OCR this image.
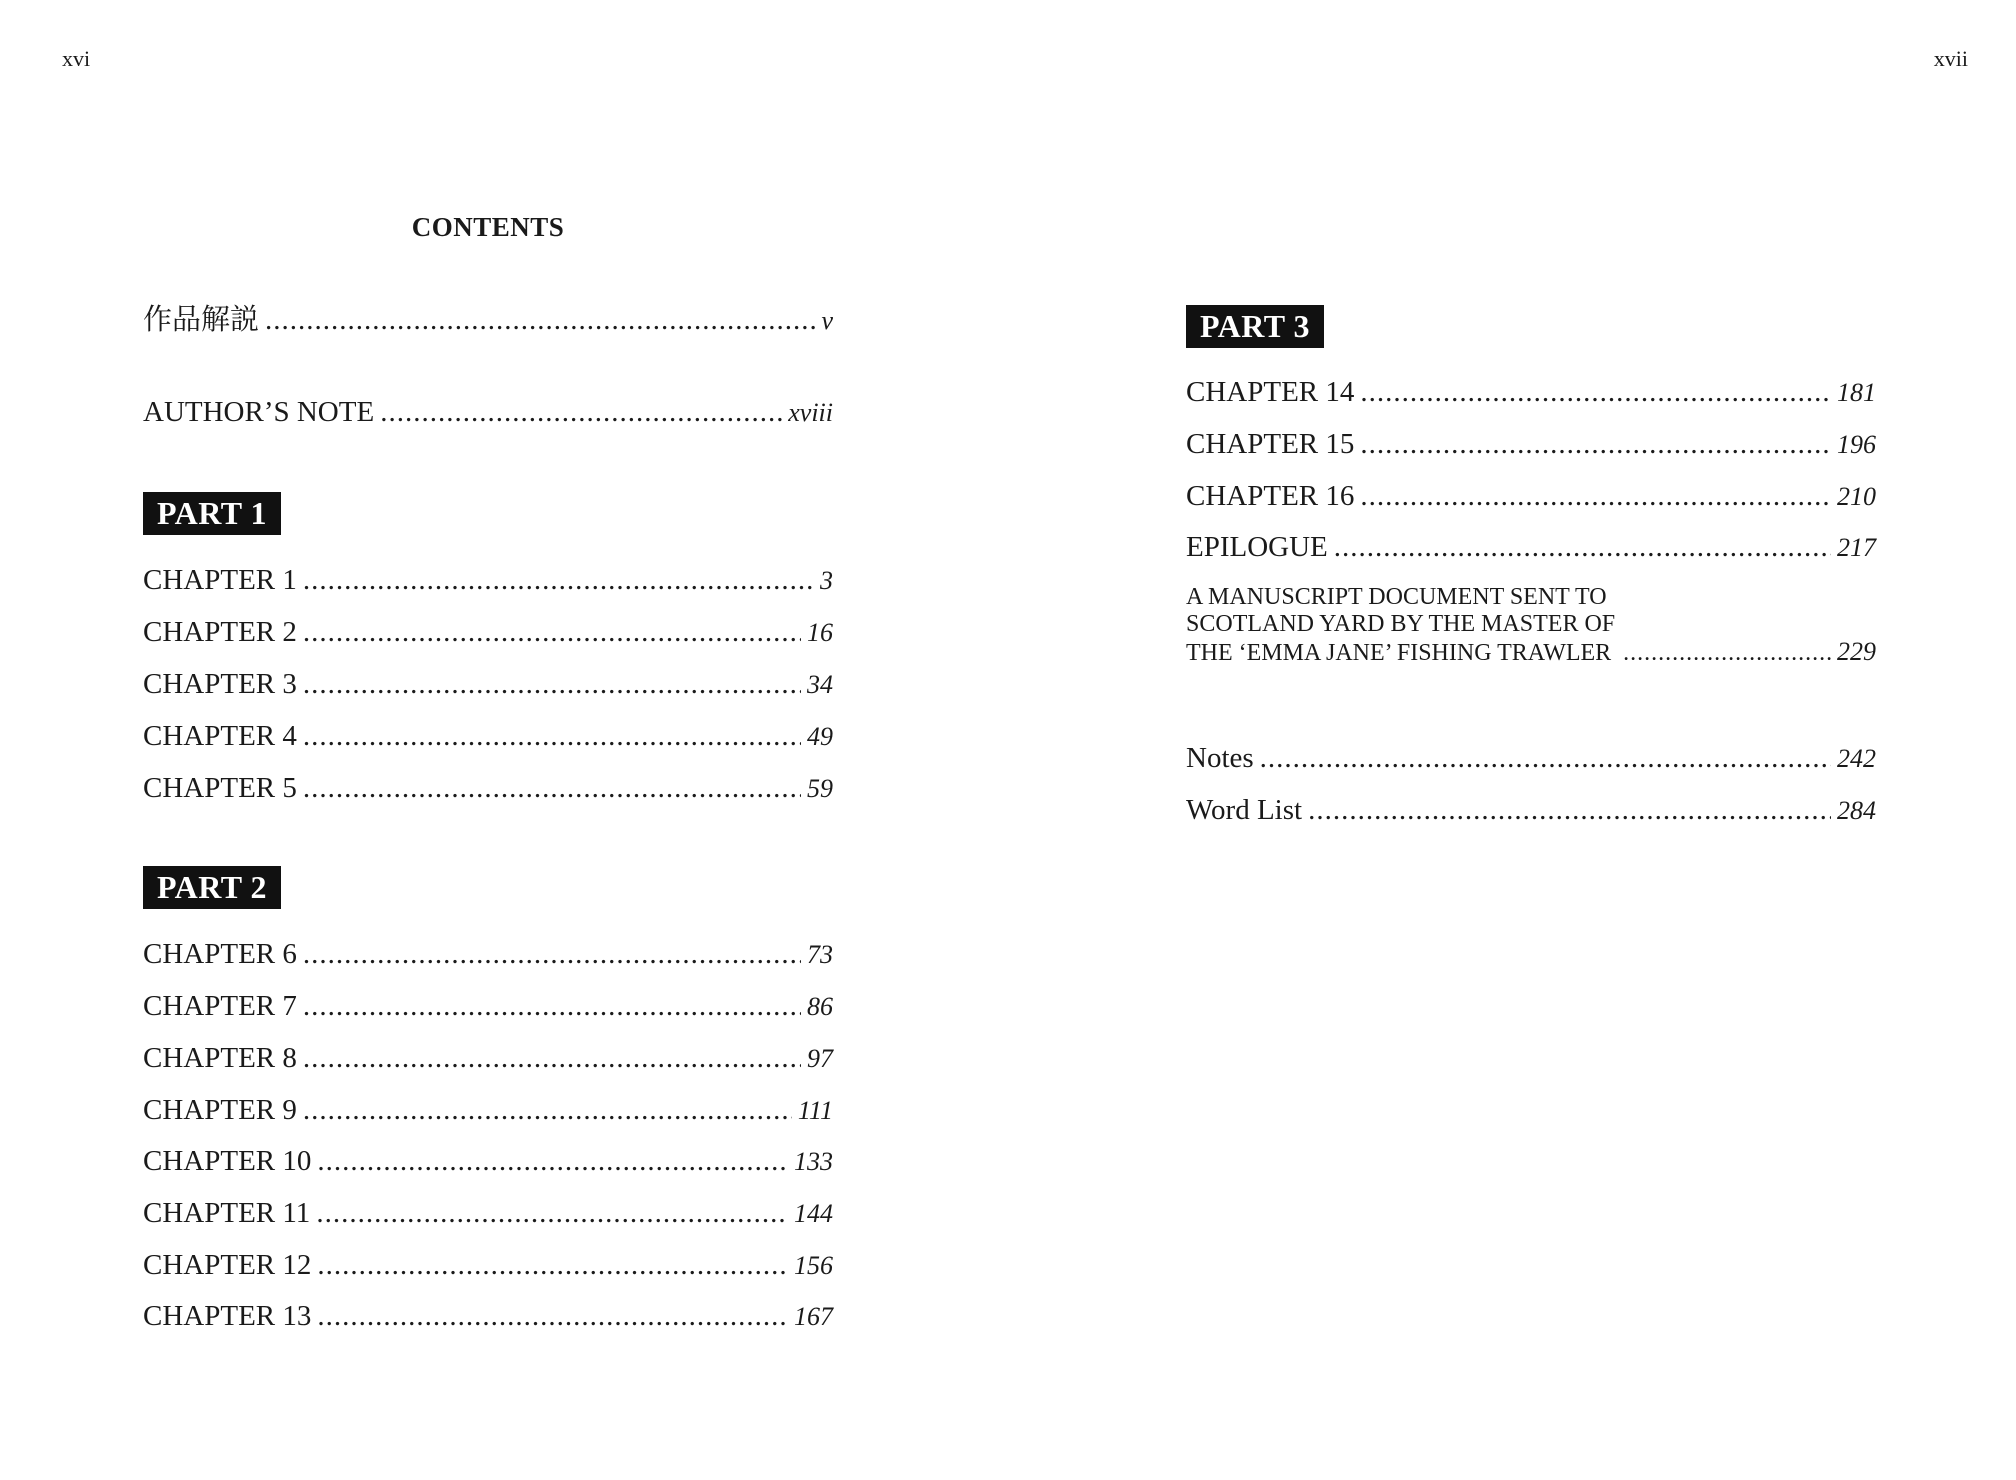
xvi	xvii
CONTENTS
作品解説 .....	v
AUTHOR’S NOTE .....	xviii
PART 1
CHAPTER 1 .....	3
CHAPTER 2 .....	16
CHAPTER 3 .....	34
CHAPTER 4 .....	49
CHAPTER 5 .....	59
PART 2
CHAPTER 6 .....	73
CHAPTER 7 .....	86
CHAPTER 8 .....	97
CHAPTER 9 .....	111
CHAPTER 10 .....	133
CHAPTER 11 .....	144
CHAPTER 12 .....	156
CHAPTER 13 .....	167
PART 3
CHAPTER 14 .....	181
CHAPTER 15 .....	196
CHAPTER 16 .....	210
EPILOGUE .....	217
A MANUSCRIPT DOCUMENT SENT TO
SCOTLAND YARD BY THE MASTER OF
THE ‘EMMA JANE’ FISHING TRAWLER .....	229
Notes .....	242
Word List .....	284
